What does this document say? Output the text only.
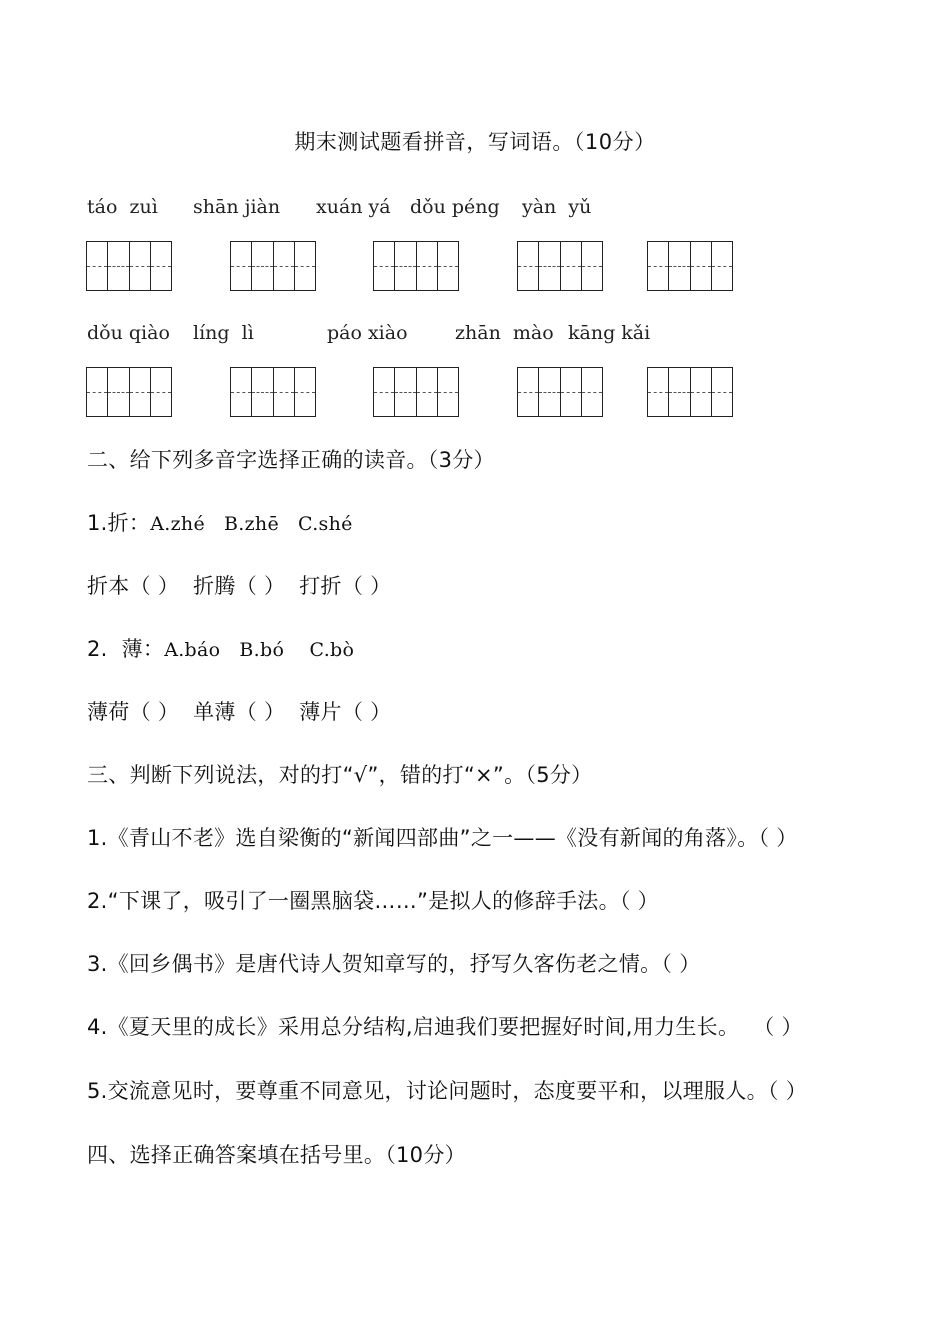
期末测试题看拼音，写词语。（10分）
táo  zuì shān jiàn xuán yá dǒu péng yàn  yǔ
dǒu qiào líng  lì	páo xiào zhān  mào kāng kǎi
二、给下列多音字选择正确的读音。（3分）
1.折：A.zhé   B.zhē   C.shé
折本（ ）  折腾（ ）  打折（ ）
2.  薄：A.báo   B.bó    C.bò
薄荷（ ）  单薄（ ）  薄片（ ）
三、判断下列说法，对的打“√”，错的打“×”。（5分）
1.《青山不老》选自梁衡的“新闻四部曲”之一——《没有新闻的角落》。（ ）
2.“下课了，吸引了一圈黑脑袋……”是拟人的修辞手法。（ ）
3.《回乡偶书》是唐代诗人贺知章写的，抒写久客伤老之情。（ ）
4.《夏天里的成长》采用总分结构,启迪我们要把握好时间,用力生长。  （ ）
5.交流意见时，要尊重不同意见，讨论问题时，态度要平和，以理服人。（ ）
四、选择正确答案填在括号里。（10分）
